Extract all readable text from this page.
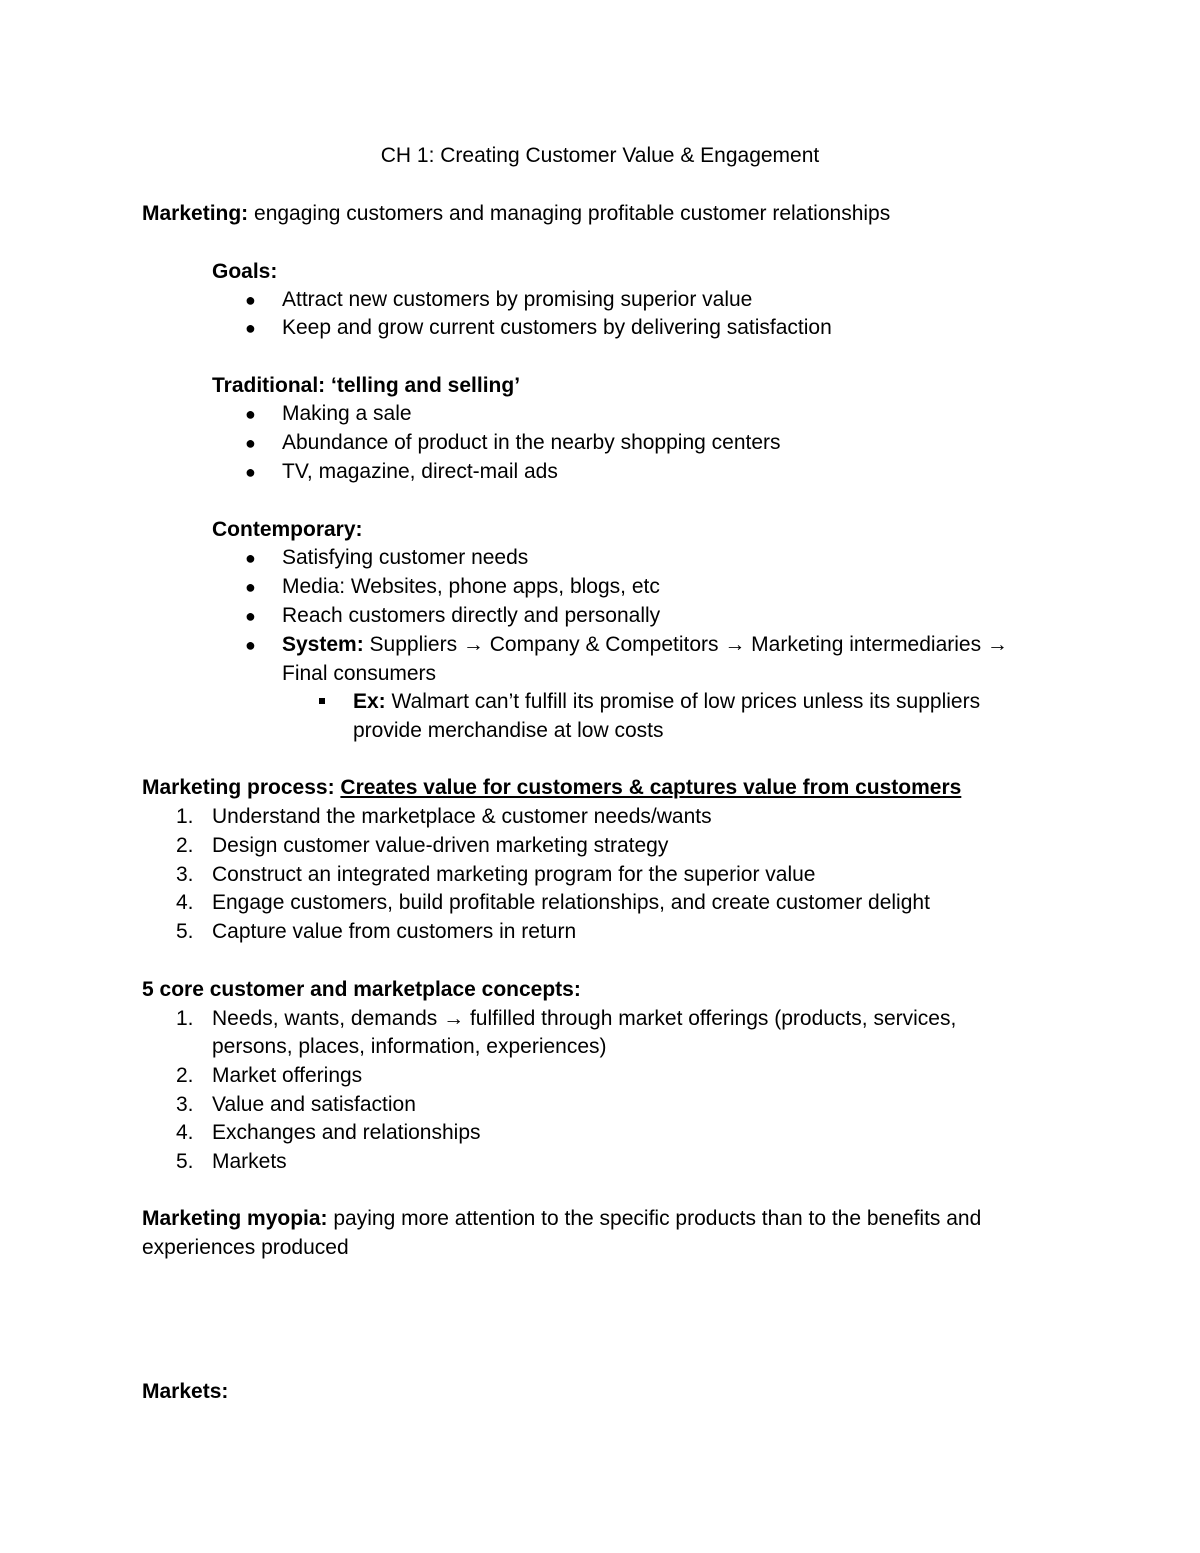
CH 1: Creating Customer Value & Engagement
Marketing: engaging customers and managing profitable customer relationships
Goals:
● Attract new customers by promising superior value
● Keep and grow current customers by delivering satisfaction
Traditional: ‘telling and selling’
● Making a sale
● Abundance of product in the nearby shopping centers
● TV, magazine, direct-mail ads
Contemporary:
● Satisfying customer needs
● Media: Websites, phone apps, blogs, etc
● Reach customers directly and personally
● System: Suppliers → Company & Competitors → Marketing intermediaries →
Final consumers
Ex: Walmart can’t fulfill its promise of low prices unless its suppliers
provide merchandise at low costs
Marketing process: Creates value for customers & captures value from customers
1. Understand the marketplace & customer needs/wants
2. Design customer value-driven marketing strategy
3. Construct an integrated marketing program for the superior value
4. Engage customers, build profitable relationships, and create customer delight
5. Capture value from customers in return
5 core customer and marketplace concepts:
1. Needs, wants, demands → fulfilled through market offerings (products, services,
persons, places, information, experiences)
2. Market offerings
3. Value and satisfaction
4. Exchanges and relationships
5. Markets
Marketing myopia: paying more attention to the specific products than to the benefits and
experiences produced
Markets:
